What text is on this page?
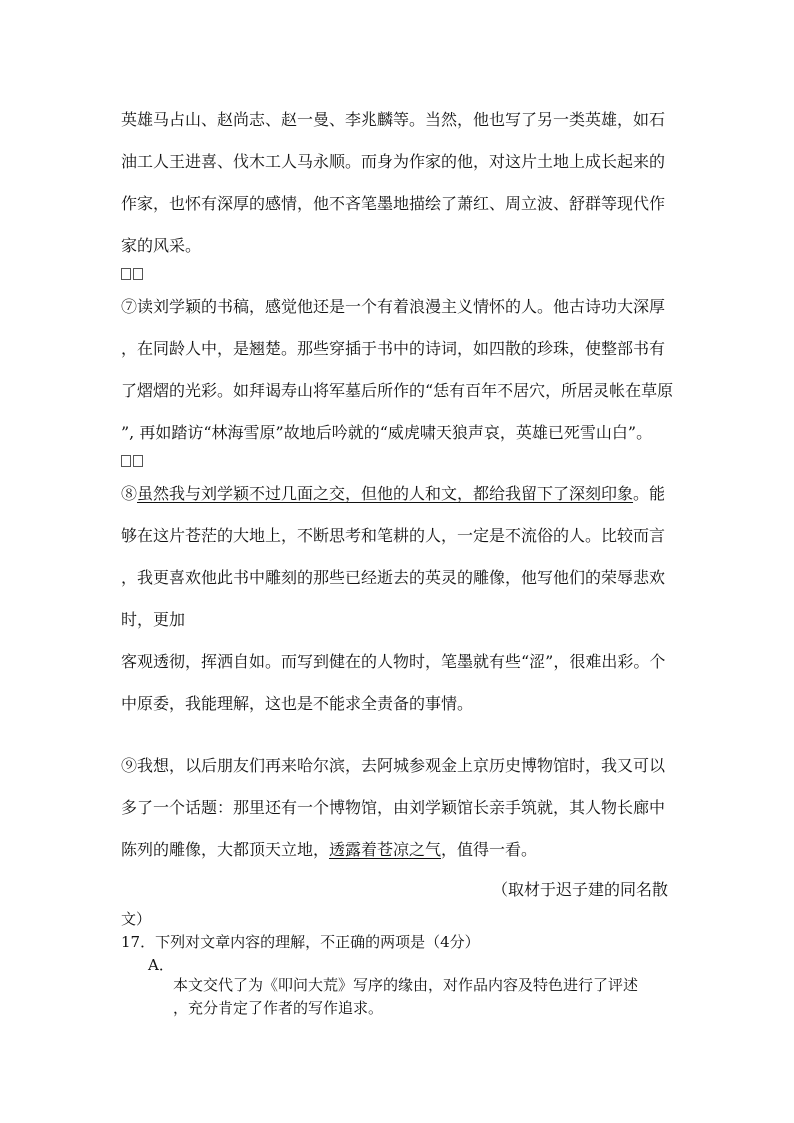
英雄马占山、赵尚志、赵一曼、李兆麟等。当然，他也写了另一类英雄，如石
油工人王进喜、伐木工人马永顺。而身为作家的他，对这片土地上成长起来的
作家，也怀有深厚的感情，他不吝笔墨地描绘了萧红、周立波、舒群等现代作
家的风采。
⑦读刘学颖的书稿，感觉他还是一个有着浪漫主义情怀的人。他古诗功大深厚
，在同龄人中，是翘楚。那些穿插于书中的诗词，如四散的珍珠，使整部书有
了熠熠的光彩。如拜谒寿山将军墓后所作的“恁有百年不居穴，所居灵帐在草原
”, 再如踏访“林海雪原”故地后吟就的“威虎啸天狼声哀，英雄已死雪山白”。
⑧虽然我与刘学颖不过几面之交，但他的人和文，都给我留下了深刻印象。能
够在这片苍茫的大地上，不断思考和笔耕的人，一定是不流俗的人。比较而言
，我更喜欢他此书中雕刻的那些已经逝去的英灵的雕像，他写他们的荣辱悲欢
时，更加
客观透彻，挥洒自如。而写到健在的人物时，笔墨就有些“涩”，很难出彩。个
中原委，我能理解，这也是不能求全责备的事情。
⑨我想，以后朋友们再来哈尔滨，去阿城参观金上京历史博物馆时，我又可以
多了一个话题：那里还有一个博物馆，由刘学颖馆长亲手筑就，其人物长廊中
陈列的雕像，大都顶天立地，透露着苍凉之气，值得一看。
（取材于迟子建的同名散
文）
17．下列对文章内容的理解，不正确的两项是（4分）
A．
本文交代了为《叩问大荒》写序的缘由，对作品内容及特色进行了评述
，充分肯定了作者的写作追求。
